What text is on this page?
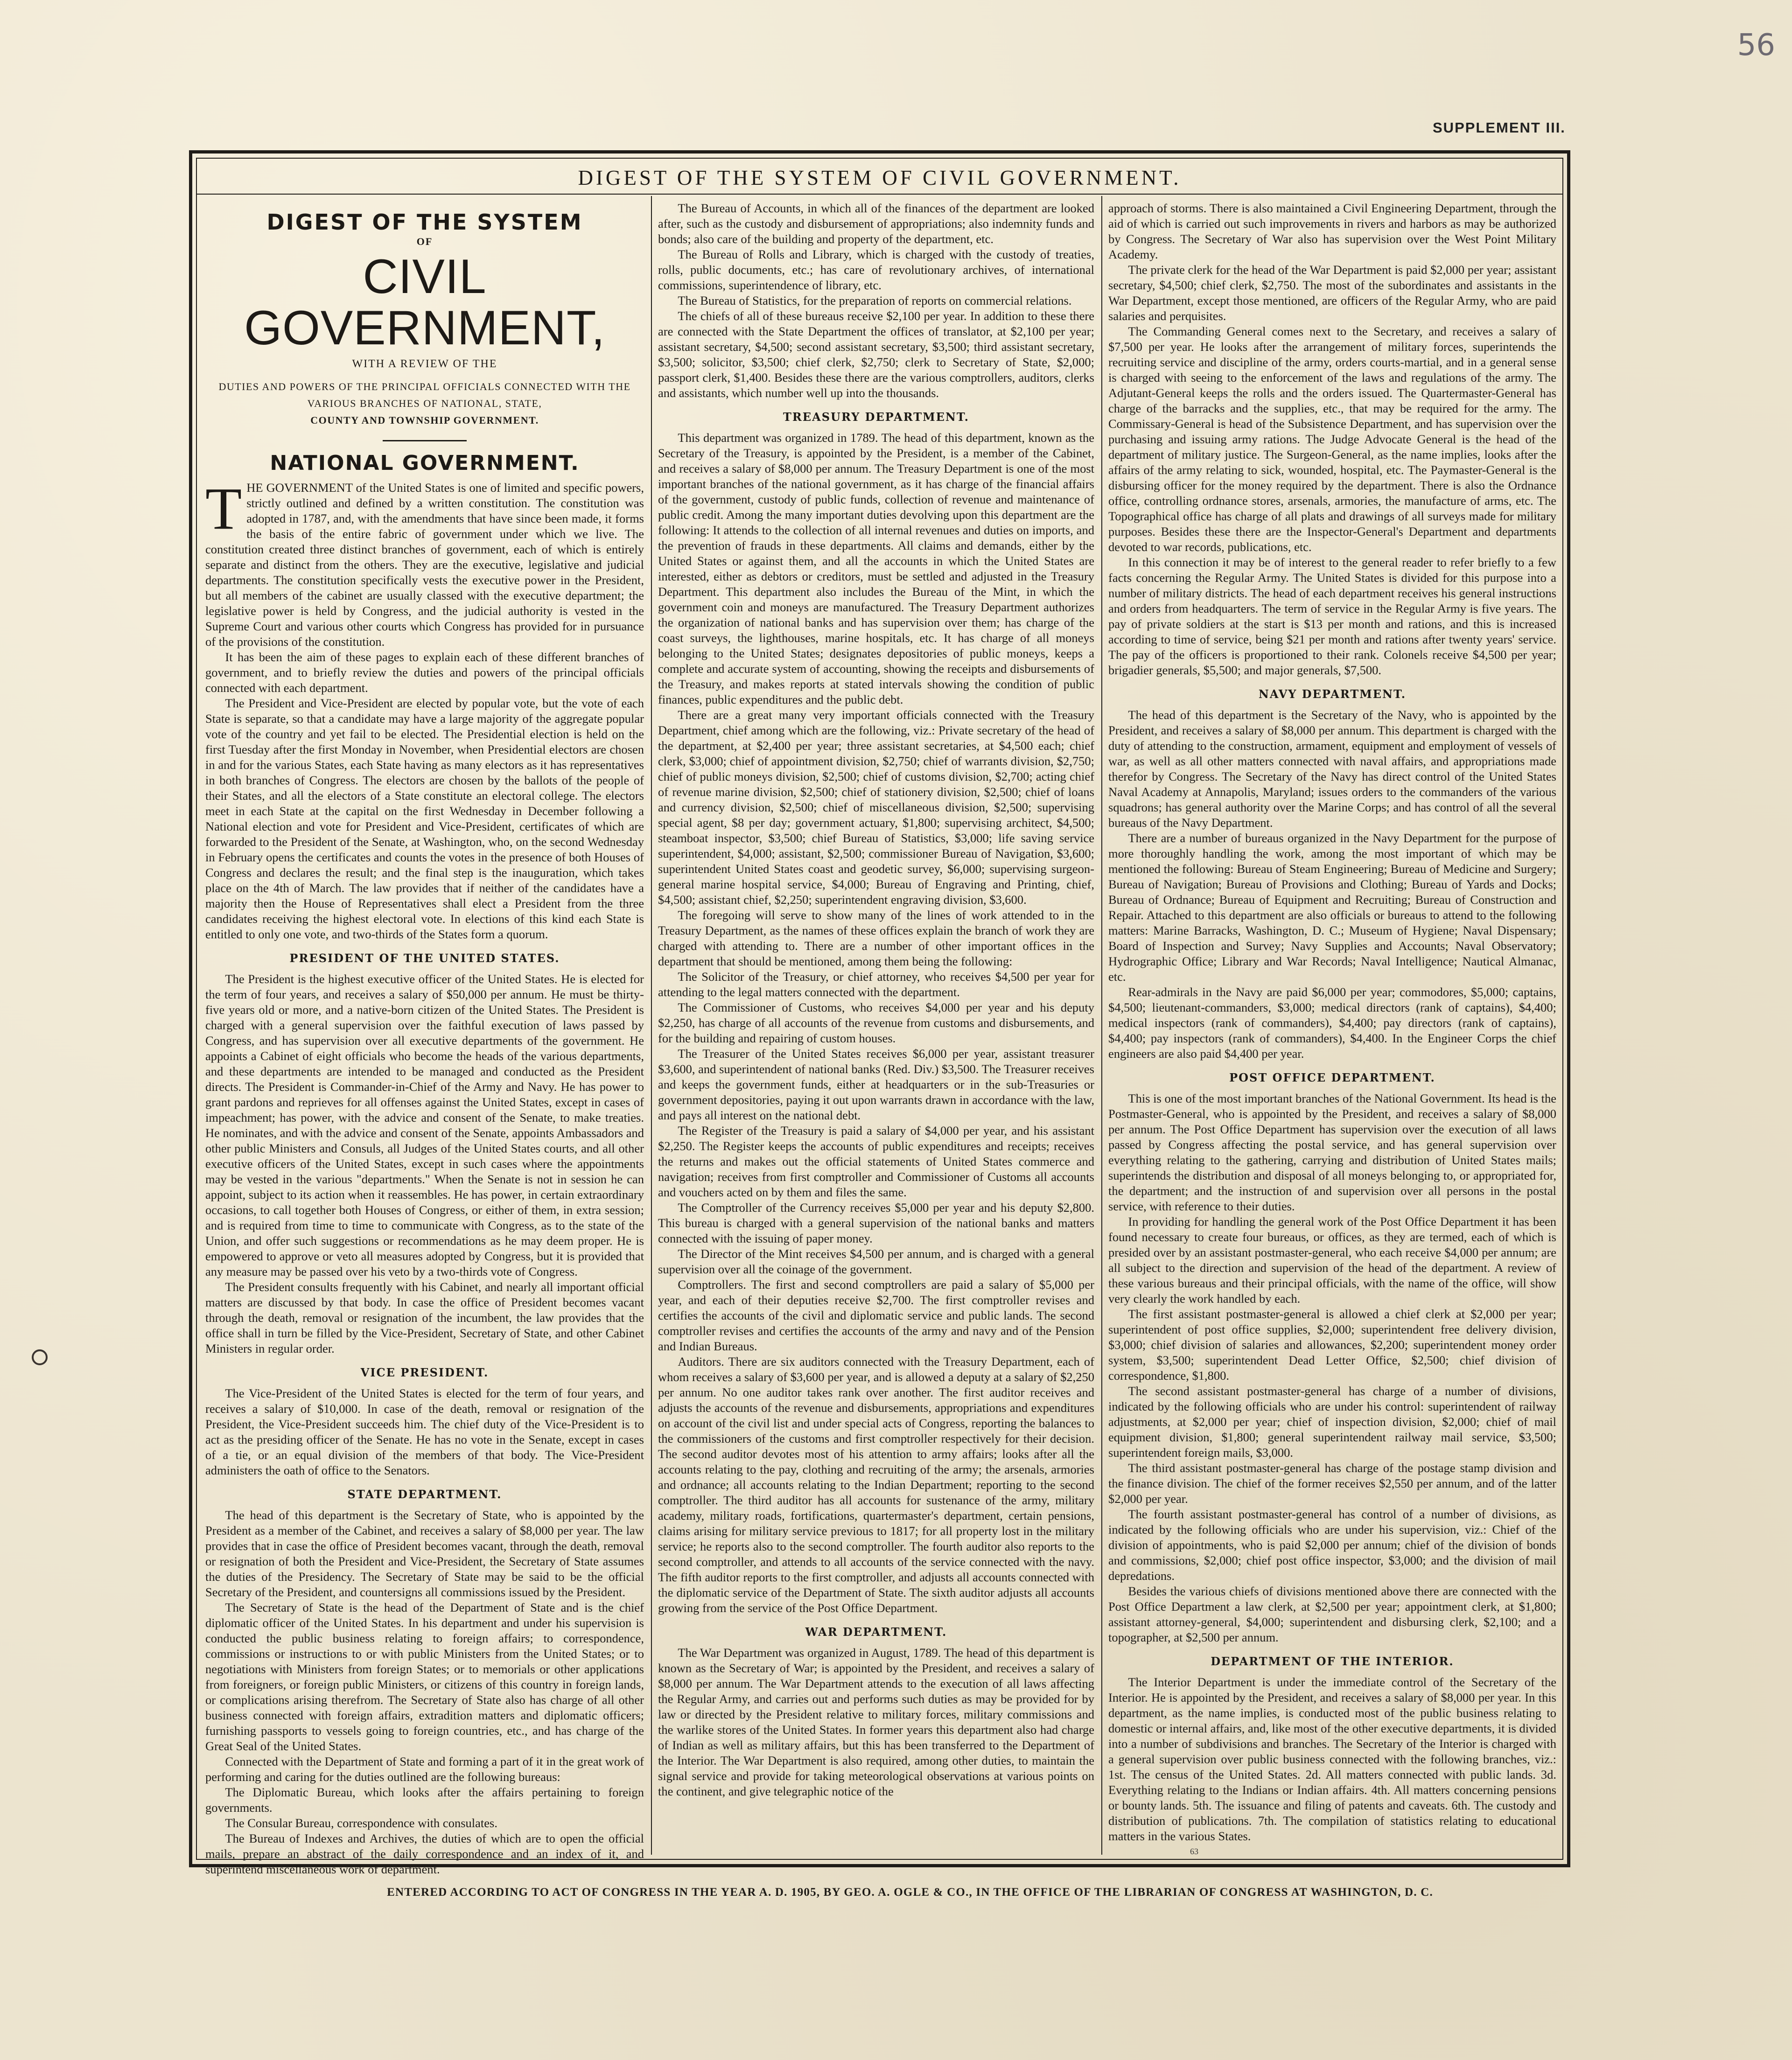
56
SUPPLEMENT III.
DIGEST OF THE SYSTEM OF CIVIL GOVERNMENT.
DIGEST OF THE SYSTEM
OF
CIVIL GOVERNMENT,
WITH A REVIEW OF THE
DUTIES AND POWERS OF THE PRINCIPAL OFFICIALS CONNECTED WITH THE VARIOUS BRANCHES OF NATIONAL, STATE,
COUNTY AND TOWNSHIP GOVERNMENT.
NATIONAL GOVERNMENT.

THE GOVERNMENT of the United States is one of limited and specific powers, strictly outlined and defined by a written constitution. The constitution was adopted in 1787, and, with the amendments that have since been made, it forms the basis of the entire fabric of government under which we live. The constitution created three distinct branches of government, each of which is entirely separate and distinct from the others. They are the executive, legislative and judicial departments. The constitution specifically vests the executive power in the President, but all members of the cabinet are usually classed with the executive department; the legislative power is held by Congress, and the judicial authority is vested in the Supreme Court and various other courts which Congress has provided for in pursuance of the provisions of the constitution.

It has been the aim of these pages to explain each of these different branches of government, and to briefly review the duties and powers of the principal officials connected with each department.

The President and Vice-President are elected by popular vote, but the vote of each State is separate, so that a candidate may have a large majority of the aggregate popular vote of the country and yet fail to be elected. The Presidential election is held on the first Tuesday after the first Monday in November, when Presidential electors are chosen in and for the various States, each State having as many electors as it has representatives in both branches of Congress. The electors are chosen by the ballots of the people of their States, and all the electors of a State constitute an electoral college. The electors meet in each State at the capital on the first Wednesday in December following a National election and vote for President and Vice-President, certificates of which are forwarded to the President of the Senate, at Washington, who, on the second Wednesday in February opens the certificates and counts the votes in the presence of both Houses of Congress and declares the result; and the final step is the inauguration, which takes place on the 4th of March. The law provides that if neither of the candidates have a majority then the House of Representatives shall elect a President from the three candidates receiving the highest electoral vote. In elections of this kind each State is entitled to only one vote, and two-thirds of the States form a quorum.

PRESIDENT OF THE UNITED STATES.

The President is the highest executive officer of the United States. He is elected for the term of four years, and receives a salary of $50,000 per annum. He must be thirty-five years old or more, and a native-born citizen of the United States. The President is charged with a general supervision over the faithful execution of laws passed by Congress, and has supervision over all executive departments of the government. He appoints a Cabinet of eight officials who become the heads of the various departments, and these departments are intended to be managed and conducted as the President directs. The President is Commander-in-Chief of the Army and Navy. He has power to grant pardons and reprieves for all offenses against the United States, except in cases of impeachment; has power, with the advice and consent of the Senate, to make treaties. He nominates, and with the advice and consent of the Senate, appoints Ambassadors and other public Ministers and Consuls, all Judges of the United States courts, and all other executive officers of the United States, except in such cases where the appointments may be vested in the various "departments." When the Senate is not in session he can appoint, subject to its action when it reassembles. He has power, in certain extraordinary occasions, to call together both Houses of Congress, or either of them, in extra session; and is required from time to time to communicate with Congress, as to the state of the Union, and offer such suggestions or recommendations as he may deem proper. He is empowered to approve or veto all measures adopted by Congress, but it is provided that any measure may be passed over his veto by a two-thirds vote of Congress.

The President consults frequently with his Cabinet, and nearly all important official matters are discussed by that body. In case the office of President becomes vacant through the death, removal or resignation of the incumbent, the law provides that the office shall in turn be filled by the Vice-President, Secretary of State, and other Cabinet Ministers in regular order.

VICE PRESIDENT.

The Vice-President of the United States is elected for the term of four years, and receives a salary of $10,000. In case of the death, removal or resignation of the President, the Vice-President succeeds him. The chief duty of the Vice-President is to act as the presiding officer of the Senate. He has no vote in the Senate, except in cases of a tie, or an equal division of the members of that body. The Vice-President administers the oath of office to the Senators.

STATE DEPARTMENT.

The head of this department is the Secretary of State, who is appointed by the President as a member of the Cabinet, and receives a salary of $8,000 per year. The law provides that in case the office of President becomes vacant, through the death, removal or resignation of both the President and Vice-President, the Secretary of State assumes the duties of the Presidency. The Secretary of State may be said to be the official Secretary of the President, and countersigns all commissions issued by the President.

The Secretary of State is the head of the Department of State and is the chief diplomatic officer of the United States. In his department and under his supervision is conducted the public business relating to foreign affairs; to correspondence, commissions or instructions to or with public Ministers from the United States; or to negotiations with Ministers from foreign States; or to memorials or other applications from foreigners, or foreign public Ministers, or citizens of this country in foreign lands, or complications arising therefrom. The Secretary of State also has charge of all other business connected with foreign affairs, extradition matters and diplomatic officers; furnishing passports to vessels going to foreign countries, etc., and has charge of the Great Seal of the United States.

Connected with the Department of State and forming a part of it in the great work of performing and caring for the duties outlined are the following bureaus:

The Diplomatic Bureau, which looks after the affairs pertaining to foreign governments.

The Consular Bureau, correspondence with consulates.

The Bureau of Indexes and Archives, the duties of which are to open the official mails, prepare an abstract of the daily correspondence and an index of it, and superintend miscellaneous work of department.

The Bureau of Accounts, in which all of the finances of the department are looked after, such as the custody and disbursement of appropriations; also indemnity funds and bonds; also care of the building and property of the department, etc.

The Bureau of Rolls and Library, which is charged with the custody of treaties, rolls, public documents, etc.; has care of revolutionary archives, of international commissions, superintendence of library, etc.

The Bureau of Statistics, for the preparation of reports on commercial relations.

The chiefs of all of these bureaus receive $2,100 per year. In addition to these there are connected with the State Department the offices of translator, at $2,100 per year; assistant secretary, $4,500; second assistant secretary, $3,500; third assistant secretary, $3,500; solicitor, $3,500; chief clerk, $2,750; clerk to Secretary of State, $2,000; passport clerk, $1,400. Besides these there are the various comptrollers, auditors, clerks and assistants, which number well up into the thousands.

TREASURY DEPARTMENT.

This department was organized in 1789. The head of this department, known as the Secretary of the Treasury, is appointed by the President, is a member of the Cabinet, and receives a salary of $8,000 per annum. The Treasury Department is one of the most important branches of the national government, as it has charge of the financial affairs of the government, custody of public funds, collection of revenue and maintenance of public credit. Among the many important duties devolving upon this department are the following: It attends to the collection of all internal revenues and duties on imports, and the prevention of frauds in these departments. All claims and demands, either by the United States or against them, and all the accounts in which the United States are interested, either as debtors or creditors, must be settled and adjusted in the Treasury Department. This department also includes the Bureau of the Mint, in which the government coin and moneys are manufactured. The Treasury Department authorizes the organization of national banks and has supervision over them; has charge of the coast surveys, the lighthouses, marine hospitals, etc. It has charge of all moneys belonging to the United States; designates depositories of public moneys, keeps a complete and accurate system of accounting, showing the receipts and disbursements of the Treasury, and makes reports at stated intervals showing the condition of public finances, public expenditures and the public debt.

There are a great many very important officials connected with the Treasury Department, chief among which are the following, viz.: Private secretary of the head of the department, at $2,400 per year; three assistant secretaries, at $4,500 each; chief clerk, $3,000; chief of appointment division, $2,750; chief of warrants division, $2,750; chief of public moneys division, $2,500; chief of customs division, $2,700; acting chief of revenue marine division, $2,500; chief of stationery division, $2,500; chief of loans and currency division, $2,500; chief of miscellaneous division, $2,500; supervising special agent, $8 per day; government actuary, $1,800; supervising architect, $4,500; steamboat inspector, $3,500; chief Bureau of Statistics, $3,000; life saving service superintendent, $4,000; assistant, $2,500; commissioner Bureau of Navigation, $3,600; superintendent United States coast and geodetic survey, $6,000; supervising surgeon-general marine hospital service, $4,000; Bureau of Engraving and Printing, chief, $4,500; assistant chief, $2,250; superintendent engraving division, $3,600.

The foregoing will serve to show many of the lines of work attended to in the Treasury Department, as the names of these offices explain the branch of work they are charged with attending to. There are a number of other important offices in the department that should be mentioned, among them being the following:

The Solicitor of the Treasury, or chief attorney, who receives $4,500 per year for attending to the legal matters connected with the department.

The Commissioner of Customs, who receives $4,000 per year and his deputy $2,250, has charge of all accounts of the revenue from customs and disbursements, and for the building and repairing of custom houses.

The Treasurer of the United States receives $6,000 per year, assistant treasurer $3,600, and superintendent of national banks (Red. Div.) $3,500. The Treasurer receives and keeps the government funds, either at headquarters or in the sub-Treasuries or government depositories, paying it out upon warrants drawn in accordance with the law, and pays all interest on the national debt.

The Register of the Treasury is paid a salary of $4,000 per year, and his assistant $2,250. The Register keeps the accounts of public expenditures and receipts; receives the returns and makes out the official statements of United States commerce and navigation; receives from first comptroller and Commissioner of Customs all accounts and vouchers acted on by them and files the same.

The Comptroller of the Currency receives $5,000 per year and his deputy $2,800. This bureau is charged with a general supervision of the national banks and matters connected with the issuing of paper money.

The Director of the Mint receives $4,500 per annum, and is charged with a general supervision over all the coinage of the government.

Comptrollers. The first and second comptrollers are paid a salary of $5,000 per year, and each of their deputies receive $2,700. The first comptroller revises and certifies the accounts of the civil and diplomatic service and public lands. The second comptroller revises and certifies the accounts of the army and navy and of the Pension and Indian Bureaus.

Auditors. There are six auditors connected with the Treasury Department, each of whom receives a salary of $3,600 per year, and is allowed a deputy at a salary of $2,250 per annum. No one auditor takes rank over another. The first auditor receives and adjusts the accounts of the revenue and disbursements, appropriations and expenditures on account of the civil list and under special acts of Congress, reporting the balances to the commissioners of the customs and first comptroller respectively for their decision. The second auditor devotes most of his attention to army affairs; looks after all the accounts relating to the pay, clothing and recruiting of the army; the arsenals, armories and ordnance; all accounts relating to the Indian Department; reporting to the second comptroller. The third auditor has all accounts for sustenance of the army, military academy, military roads, fortifications, quartermaster's department, certain pensions, claims arising for military service previous to 1817; for all property lost in the military service; he reports also to the second comptroller. The fourth auditor also reports to the second comptroller, and attends to all accounts of the service connected with the navy. The fifth auditor reports to the first comptroller, and adjusts all accounts connected with the diplomatic service of the Department of State. The sixth auditor adjusts all accounts growing from the service of the Post Office Department.

WAR DEPARTMENT.

The War Department was organized in August, 1789. The head of this department is known as the Secretary of War; is appointed by the President, and receives a salary of $8,000 per annum. The War Department attends to the execution of all laws affecting the Regular Army, and carries out and performs such duties as may be provided for by law or directed by the President relative to military forces, military commissions and the warlike stores of the United States. In former years this department also had charge of Indian as well as military affairs, but this has been transferred to the Department of the Interior. The War Department is also required, among other duties, to maintain the signal service and provide for taking meteorological observations at various points on the continent, and give telegraphic notice of the

approach of storms. There is also maintained a Civil Engineering Department, through the aid of which is carried out such improvements in rivers and harbors as may be authorized by Congress. The Secretary of War also has supervision over the West Point Military Academy.

The private clerk for the head of the War Department is paid $2,000 per year; assistant secretary, $4,500; chief clerk, $2,750. The most of the subordinates and assistants in the War Department, except those mentioned, are officers of the Regular Army, who are paid salaries and perquisites.

The Commanding General comes next to the Secretary, and receives a salary of $7,500 per year. He looks after the arrangement of military forces, superintends the recruiting service and discipline of the army, orders courts-martial, and in a general sense is charged with seeing to the enforcement of the laws and regulations of the army. The Adjutant-General keeps the rolls and the orders issued. The Quartermaster-General has charge of the barracks and the supplies, etc., that may be required for the army. The Commissary-General is head of the Subsistence Department, and has supervision over the purchasing and issuing army rations. The Judge Advocate General is the head of the department of military justice. The Surgeon-General, as the name implies, looks after the affairs of the army relating to sick, wounded, hospital, etc. The Paymaster-General is the disbursing officer for the money required by the department. There is also the Ordnance office, controlling ordnance stores, arsenals, armories, the manufacture of arms, etc. The Topographical office has charge of all plats and drawings of all surveys made for military purposes. Besides these there are the Inspector-General's Department and departments devoted to war records, publications, etc.

In this connection it may be of interest to the general reader to refer briefly to a few facts concerning the Regular Army. The United States is divided for this purpose into a number of military districts. The head of each department receives his general instructions and orders from headquarters. The term of service in the Regular Army is five years. The pay of private soldiers at the start is $13 per month and rations, and this is increased according to time of service, being $21 per month and rations after twenty years' service. The pay of the officers is proportioned to their rank. Colonels receive $4,500 per year; brigadier generals, $5,500; and major generals, $7,500.

NAVY DEPARTMENT.

The head of this department is the Secretary of the Navy, who is appointed by the President, and receives a salary of $8,000 per annum. This department is charged with the duty of attending to the construction, armament, equipment and employment of vessels of war, as well as all other matters connected with naval affairs, and appropriations made therefor by Congress. The Secretary of the Navy has direct control of the United States Naval Academy at Annapolis, Maryland; issues orders to the commanders of the various squadrons; has general authority over the Marine Corps; and has control of all the several bureaus of the Navy Department.

There are a number of bureaus organized in the Navy Department for the purpose of more thoroughly handling the work, among the most important of which may be mentioned the following: Bureau of Steam Engineering; Bureau of Medicine and Surgery; Bureau of Navigation; Bureau of Provisions and Clothing; Bureau of Yards and Docks; Bureau of Ordnance; Bureau of Equipment and Recruiting; Bureau of Construction and Repair. Attached to this department are also officials or bureaus to attend to the following matters: Marine Barracks, Washington, D. C.; Museum of Hygiene; Naval Dispensary; Board of Inspection and Survey; Navy Supplies and Accounts; Naval Observatory; Hydrographic Office; Library and War Records; Naval Intelligence; Nautical Almanac, etc.

Rear-admirals in the Navy are paid $6,000 per year; commodores, $5,000; captains, $4,500; lieutenant-commanders, $3,000; medical directors (rank of captains), $4,400; medical inspectors (rank of commanders), $4,400; pay directors (rank of captains), $4,400; pay inspectors (rank of commanders), $4,400. In the Engineer Corps the chief engineers are also paid $4,400 per year.

POST OFFICE DEPARTMENT.

This is one of the most important branches of the National Government. Its head is the Postmaster-General, who is appointed by the President, and receives a salary of $8,000 per annum. The Post Office Department has supervision over the execution of all laws passed by Congress affecting the postal service, and has general supervision over everything relating to the gathering, carrying and distribution of United States mails; superintends the distribution and disposal of all moneys belonging to, or appropriated for, the department; and the instruction of and supervision over all persons in the postal service, with reference to their duties.

In providing for handling the general work of the Post Office Department it has been found necessary to create four bureaus, or offices, as they are termed, each of which is presided over by an assistant postmaster-general, who each receive $4,000 per annum; are all subject to the direction and supervision of the head of the department. A review of these various bureaus and their principal officials, with the name of the office, will show very clearly the work handled by each.

The first assistant postmaster-general is allowed a chief clerk at $2,000 per year; superintendent of post office supplies, $2,000; superintendent free delivery division, $3,000; chief division of salaries and allowances, $2,200; superintendent money order system, $3,500; superintendent Dead Letter Office, $2,500; chief division of correspondence, $1,800.

The second assistant postmaster-general has charge of a number of divisions, indicated by the following officials who are under his control: superintendent of railway adjustments, at $2,000 per year; chief of inspection division, $2,000; chief of mail equipment division, $1,800; general superintendent railway mail service, $3,500; superintendent foreign mails, $3,000.

The third assistant postmaster-general has charge of the postage stamp division and the finance division. The chief of the former receives $2,550 per annum, and of the latter $2,000 per year.

The fourth assistant postmaster-general has control of a number of divisions, as indicated by the following officials who are under his supervision, viz.: Chief of the division of appointments, who is paid $2,000 per annum; chief of the division of bonds and commissions, $2,000; chief post office inspector, $3,000; and the division of mail depredations.

Besides the various chiefs of divisions mentioned above there are connected with the Post Office Department a law clerk, at $2,500 per year; appointment clerk, at $1,800; assistant attorney-general, $4,000; superintendent and disbursing clerk, $2,100; and a topographer, at $2,500 per annum.

DEPARTMENT OF THE INTERIOR.

The Interior Department is under the immediate control of the Secretary of the Interior. He is appointed by the President, and receives a salary of $8,000 per year. In this department, as the name implies, is conducted most of the public business relating to domestic or internal affairs, and, like most of the other executive departments, it is divided into a number of subdivisions and branches. The Secretary of the Interior is charged with a general supervision over public business connected with the following branches, viz.: 1st. The census of the United States. 2d. All matters connected with public lands. 3d. Everything relating to the Indians or Indian affairs. 4th. All matters concerning pensions or bounty lands. 5th. The issuance and filing of patents and caveats. 6th. The custody and distribution of publications. 7th. The compilation of statistics relating to educational matters in the various States.

63
ENTERED ACCORDING TO ACT OF CONGRESS IN THE YEAR A. D. 1905, BY GEO. A. OGLE & CO., IN THE OFFICE OF THE LIBRARIAN OF CONGRESS AT WASHINGTON, D. C.
